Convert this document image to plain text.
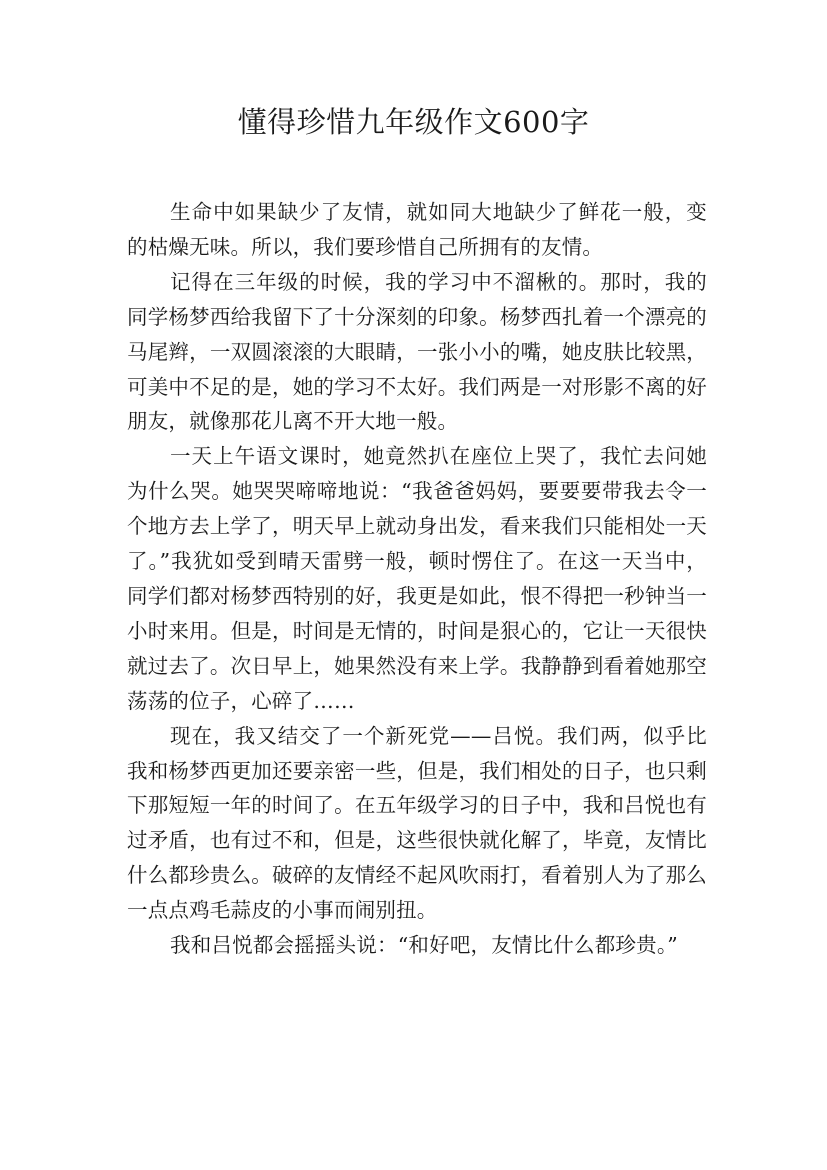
懂得珍惜九年级作文600字

生命中如果缺少了友情，就如同大地缺少了鲜花一般，变的枯燥无味。所以，我们要珍惜自己所拥有的友情。

记得在三年级的时候，我的学习中不溜楸的。那时，我的同学杨梦西给我留下了十分深刻的印象。杨梦西扎着一个漂亮的马尾辫，一双圆滚滚的大眼睛，一张小小的嘴，她皮肤比较黑，可美中不足的是，她的学习不太好。我们两是一对形影不离的好朋友，就像那花儿离不开大地一般。

一天上午语文课时，她竟然扒在座位上哭了，我忙去问她为什么哭。她哭哭啼啼地说：“我爸爸妈妈，要要要带我去令一个地方去上学了，明天早上就动身出发，看来我们只能相处一天了。”我犹如受到晴天雷劈一般，顿时愣住了。在这一天当中，同学们都对杨梦西特别的好，我更是如此，恨不得把一秒钟当一小时来用。但是，时间是无情的，时间是狠心的，它让一天很快就过去了。次日早上，她果然没有来上学。我静静到看着她那空荡荡的位子，心碎了……

现在，我又结交了一个新死党——吕悦。我们两，似乎比我和杨梦西更加还要亲密一些，但是，我们相处的日子，也只剩下那短短一年的时间了。在五年级学习的日子中，我和吕悦也有过矛盾，也有过不和，但是，这些很快就化解了，毕竟，友情比什么都珍贵么。破碎的友情经不起风吹雨打，看着别人为了那么一点点鸡毛蒜皮的小事而闹别扭。

我和吕悦都会摇摇头说：“和好吧，友情比什么都珍贵。”
